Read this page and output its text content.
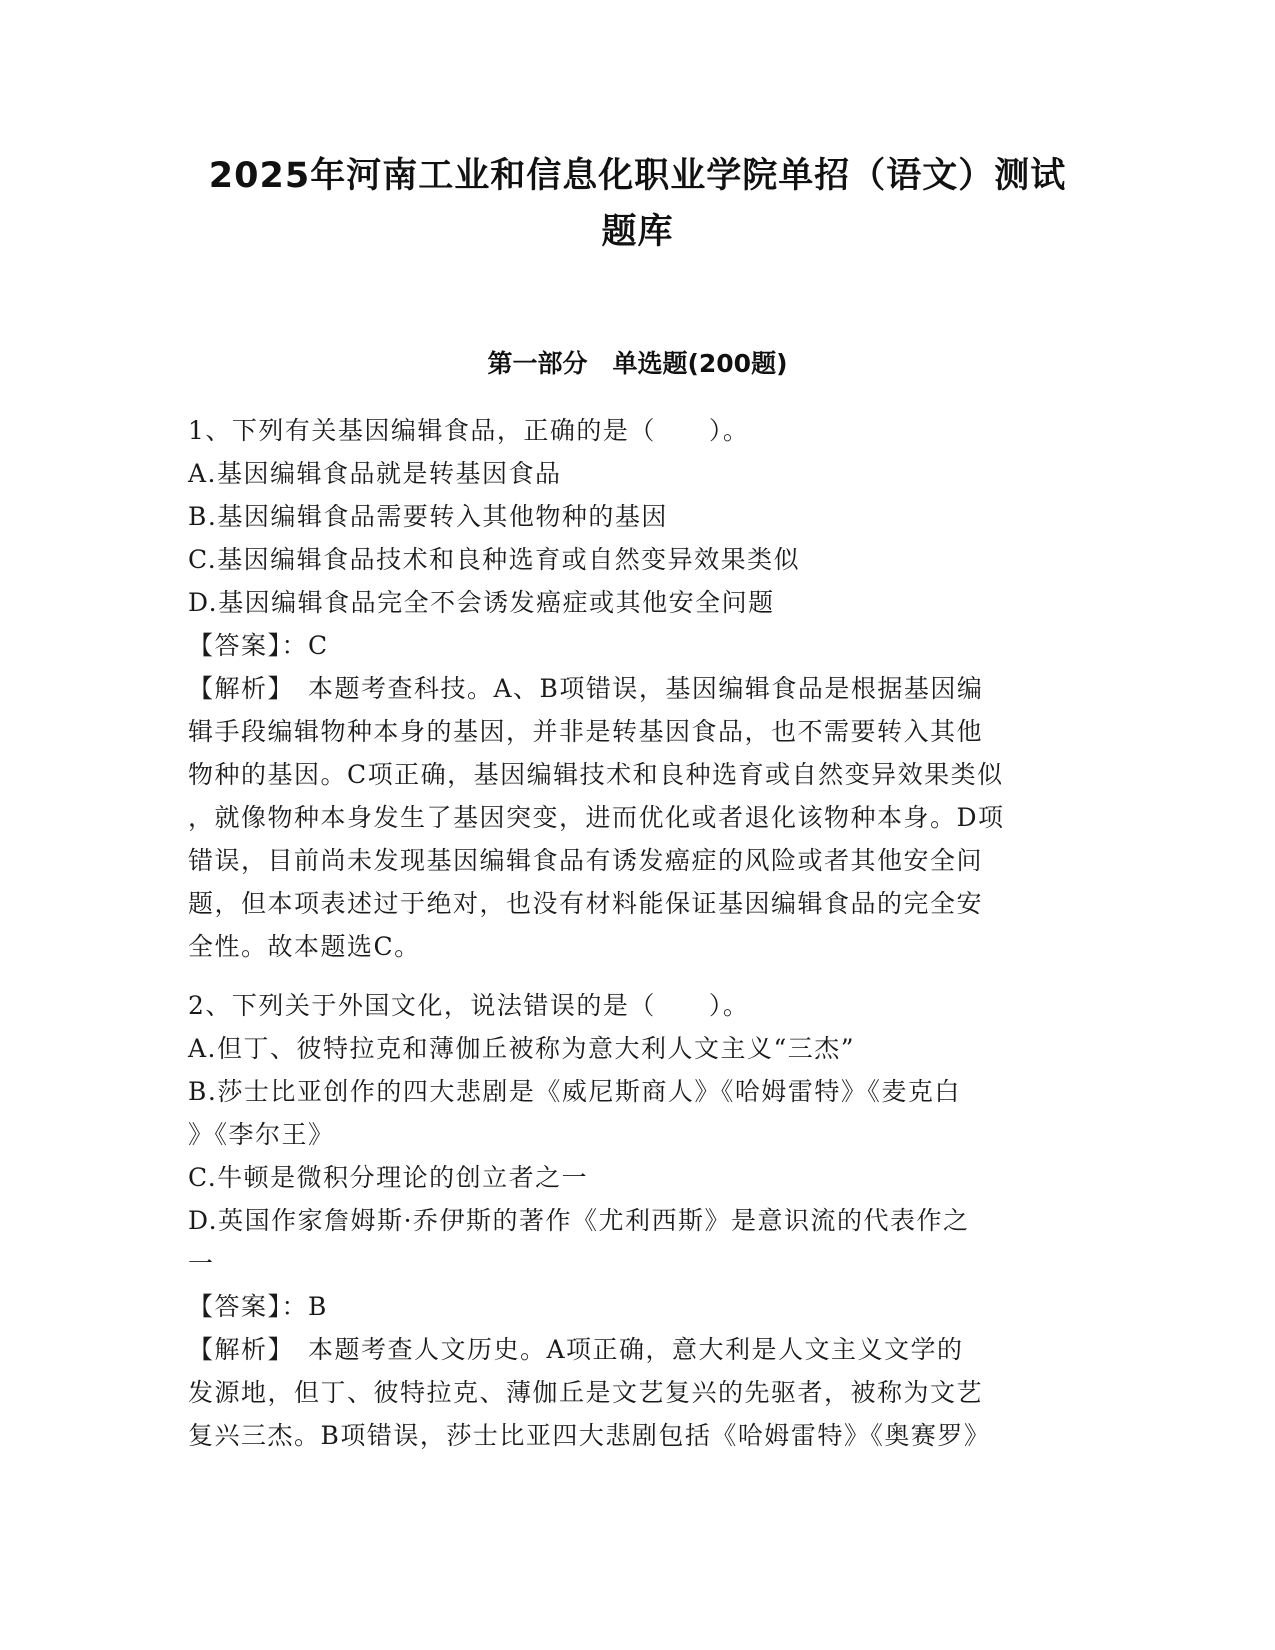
2025年河南工业和信息化职业学院单招（语文）测试
题库
第一部分　单选题(200题)
1、下列有关基因编辑食品，正确的是（　　）。
A.基因编辑食品就是转基因食品
B.基因编辑食品需要转入其他物种的基因
C.基因编辑食品技术和良种选育或自然变异效果类似
D.基因编辑食品完全不会诱发癌症或其他安全问题
【答案】：C
【解析】　本题考查科技。A、B项错误，基因编辑食品是根据基因编
辑手段编辑物种本身的基因，并非是转基因食品，也不需要转入其他
物种的基因。C项正确，基因编辑技术和良种选育或自然变异效果类似
，就像物种本身发生了基因突变，进而优化或者退化该物种本身。D项
错误，目前尚未发现基因编辑食品有诱发癌症的风险或者其他安全问
题，但本项表述过于绝对，也没有材料能保证基因编辑食品的完全安
全性。故本题选C。
2、下列关于外国文化，说法错误的是（　　）。
A.但丁、彼特拉克和薄伽丘被称为意大利人文主义“三杰”
B.莎士比亚创作的四大悲剧是《威尼斯商人》《哈姆雷特》《麦克白
》《李尔王》
C.牛顿是微积分理论的创立者之一
D.英国作家詹姆斯·乔伊斯的著作《尤利西斯》是意识流的代表作之
一
【答案】：B
【解析】　本题考查人文历史。A项正确，意大利是人文主义文学的
发源地，但丁、彼特拉克、薄伽丘是文艺复兴的先驱者，被称为文艺
复兴三杰。B项错误，莎士比亚四大悲剧包括《哈姆雷特》《奥赛罗》
